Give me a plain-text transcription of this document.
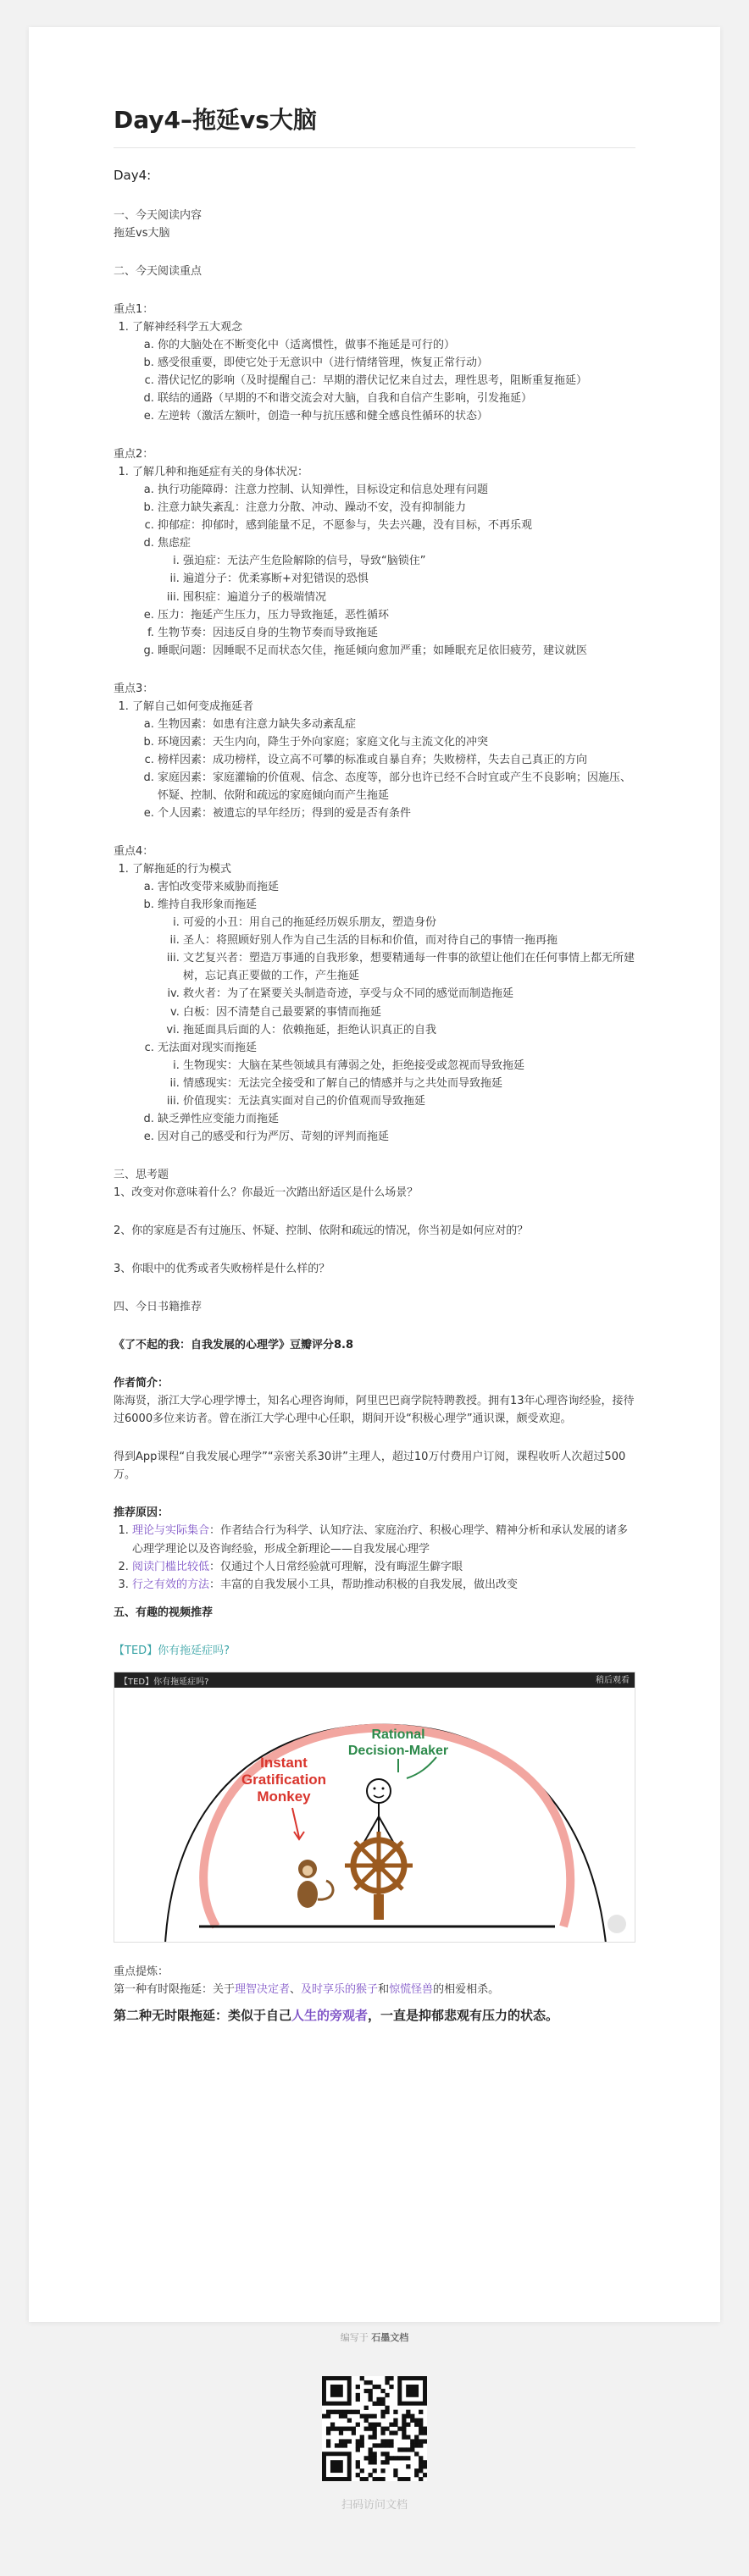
Day4–拖延vs大脑
Day4:

一、今天阅读内容

拖延vs大脑

二、今天阅读重点

重点1：

1. 了解神经科学五大观念
a. 你的大脑处在不断变化中（适离惯性，做事不拖延是可行的）
b. 感受很重要，即使它处于无意识中（进行情绪管理，恢复正常行动）
c. 潜伏记忆的影响（及时提醒自己：早期的潜伏记忆来自过去，理性思考，阻断重复拖延）
d. 联结的通路（早期的不和谐交流会对大脑，自我和自信产生影响，引发拖延）
e. 左逆转（激活左额叶，创造一种与抗压感和健全感良性循环的状态）

重点2：

1. 了解几种和拖延症有关的身体状况：
a. 执行功能障碍：注意力控制、认知弹性，目标设定和信息处理有问题
b. 注意力缺失紊乱：注意力分散、冲动、躁动不安，没有抑制能力
c. 抑郁症：抑郁时，感到能量不足，不愿参与，失去兴趣，没有目标，不再乐观
d. 焦虑症
i. 强迫症：无法产生危险解除的信号，导致“脑锁住”
ii. 遍道分子：优柔寡断+对犯错误的恐惧
iii. 囤积症：遍道分子的极端情况
e. 压力：拖延产生压力，压力导致拖延，恶性循环
f. 生物节奏：因违反自身的生物节奏而导致拖延
g. 睡眠问题：因睡眠不足而状态欠佳，拖延倾向愈加严重；如睡眠充足依旧疲劳，建议就医

重点3：

1. 了解自己如何变成拖延者
a. 生物因素：如患有注意力缺失多动紊乱症
b. 环境因素：天生内向，降生于外向家庭；家庭文化与主流文化的冲突
c. 榜样因素：成功榜样，设立高不可攀的标准或自暴自弃；失败榜样，失去自己真正的方向
d. 家庭因素：家庭灌输的价值观、信念、态度等，部分也许已经不合时宜或产生不良影响；因施压、怀疑、控制、依附和疏远的家庭倾向而产生拖延
e. 个人因素：被遗忘的早年经历；得到的爱是否有条件

重点4：

1. 了解拖延的行为模式
a. 害怕改变带来威胁而拖延
b. 维持自我形象而拖延
i. 可爱的小丑：用自己的拖延经历娱乐朋友，塑造身份
ii. 圣人：将照顾好别人作为自己生活的目标和价值，而对待自己的事情一拖再拖
iii. 文艺复兴者：塑造万事通的自我形象，想要精通每一件事的欲望让他们在任何事情上都无所建树，忘记真正要做的工作，产生拖延
iv. 救火者：为了在紧要关头制造奇迹，享受与众不同的感觉而制造拖延
v. 白板：因不清楚自己最要紧的事情而拖延
vi. 拖延面具后面的人：依赖拖延，拒绝认识真正的自我
c. 无法面对现实而拖延
i. 生物现实：大脑在某些领域具有薄弱之处，拒绝接受或忽视而导致拖延
ii. 情感现实：无法完全接受和了解自己的情感并与之共处而导致拖延
iii. 价值现实：无法真实面对自己的价值观而导致拖延
d. 缺乏弹性应变能力而拖延
e. 因对自己的感受和行为严厉、苛刻的评判而拖延

三、思考题

1、改变对你意味着什么？你最近一次踏出舒适区是什么场景？

2、你的家庭是否有过施压、怀疑、控制、依附和疏远的情况，你当初是如何应对的？

3、你眼中的优秀或者失败榜样是什么样的？

四、今日书籍推荐

《了不起的我：自我发展的心理学》豆瓣评分8.8

作者简介：

陈海贤，浙江大学心理学博士，知名心理咨询师，阿里巴巴商学院特聘教授。拥有13年心理咨询经验，接待过6000多位来访者。曾在浙江大学心理中心任职，期间开设“积极心理学”通识课，颇受欢迎。

得到App课程“自我发展心理学”“亲密关系30讲”主理人，超过10万付费用户订阅，课程收听人次超过500万。

推荐原因：

1. 理论与实际集合：作者结合行为科学、认知疗法、家庭治疗、积极心理学、精神分析和承认发展的诸多心理学理论以及咨询经验，形成全新理论——自我发展心理学
2. 阅读门槛比较低：仅通过个人日常经验就可理解，没有晦涩生僻字眼
3. 行之有效的方法：丰富的自我发展小工具，帮助推动积极的自我发展，做出改变

五、有趣的视频推荐

【TED】你有拖延症吗?

Rational
Decision-Maker
Instant
Gratification
Monkey
【TED】你有拖延症吗?	稍后观看

重点提炼：

第一种有时限拖延：关于理智决定者、及时享乐的猴子和惊慌怪兽的相爱相杀。

第二种无时限拖延：类似于自己人生的旁观者，一直是抑郁悲观有压力的状态。

编写于 石墨文档
扫码访问文档
